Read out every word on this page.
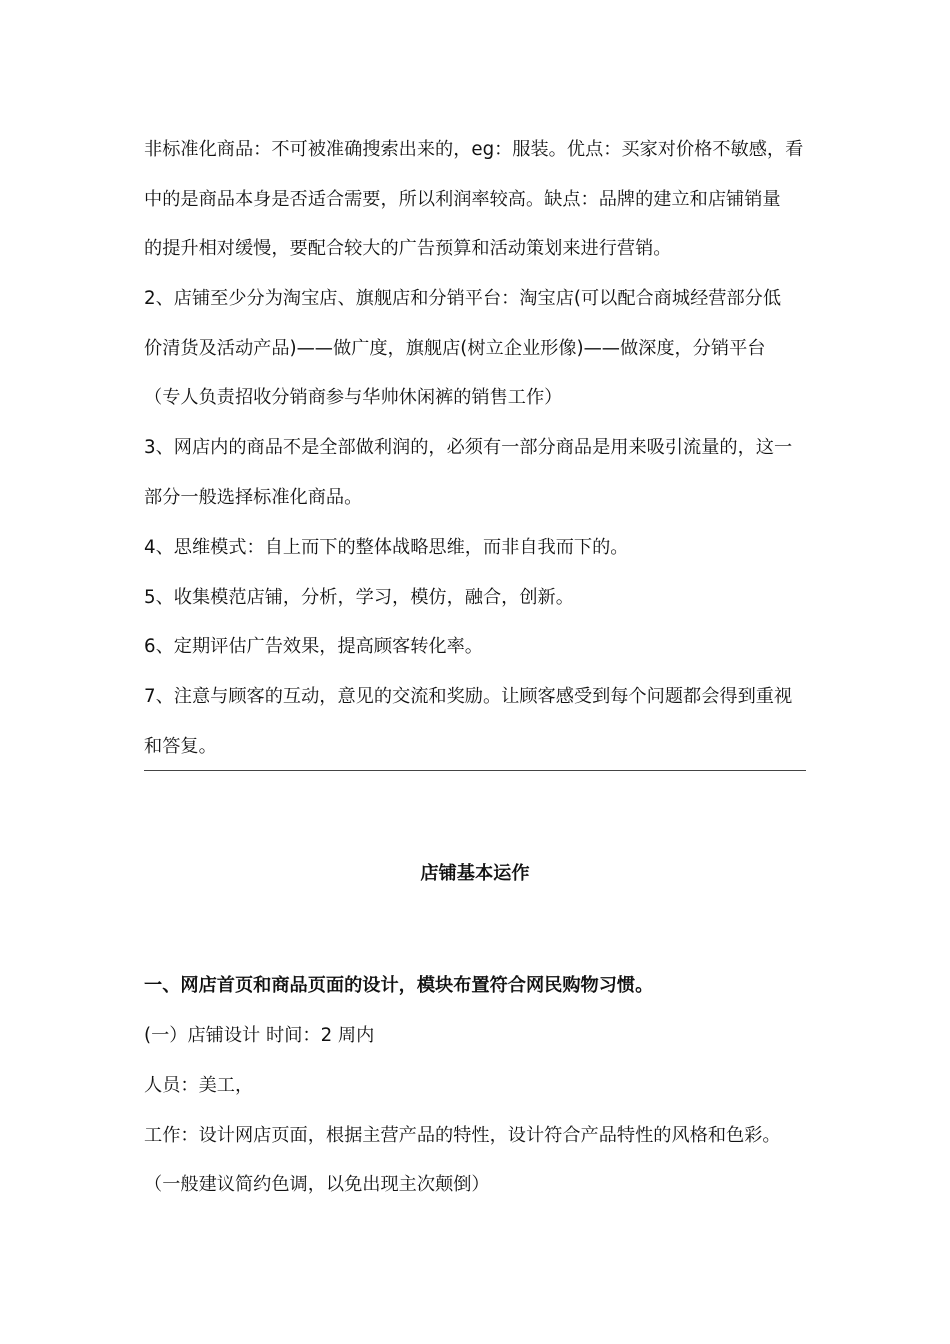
非标准化商品：不可被准确搜索出来的，eg：服装。优点：买家对价格不敏感，看
中的是商品本身是否适合需要，所以利润率较高。缺点：品牌的建立和店铺销量
的提升相对缓慢，要配合较大的广告预算和活动策划来进行营销。
2、店铺至少分为淘宝店、旗舰店和分销平台：淘宝店(可以配合商城经营部分低
价清货及活动产品)——做广度，旗舰店(树立企业形像)——做深度，分销平台
（专人负责招收分销商参与华帅休闲裤的销售工作）
3、网店内的商品不是全部做利润的，必须有一部分商品是用来吸引流量的，这一
部分一般选择标准化商品。
4、思维模式：自上而下的整体战略思维，而非自我而下的。
5、收集模范店铺，分析，学习，模仿，融合，创新。
6、定期评估广告效果，提高顾客转化率。
7、注意与顾客的互动，意见的交流和奖励。让顾客感受到每个问题都会得到重视
和答复。
店铺基本运作
一、网店首页和商品页面的设计，模块布置符合网民购物习惯。
(一）店铺设计 时间：2 周内
人员：美工，
工作：设计网店页面，根据主营产品的特性，设计符合产品特性的风格和色彩。
（一般建议简约色调，以免出现主次颠倒）
